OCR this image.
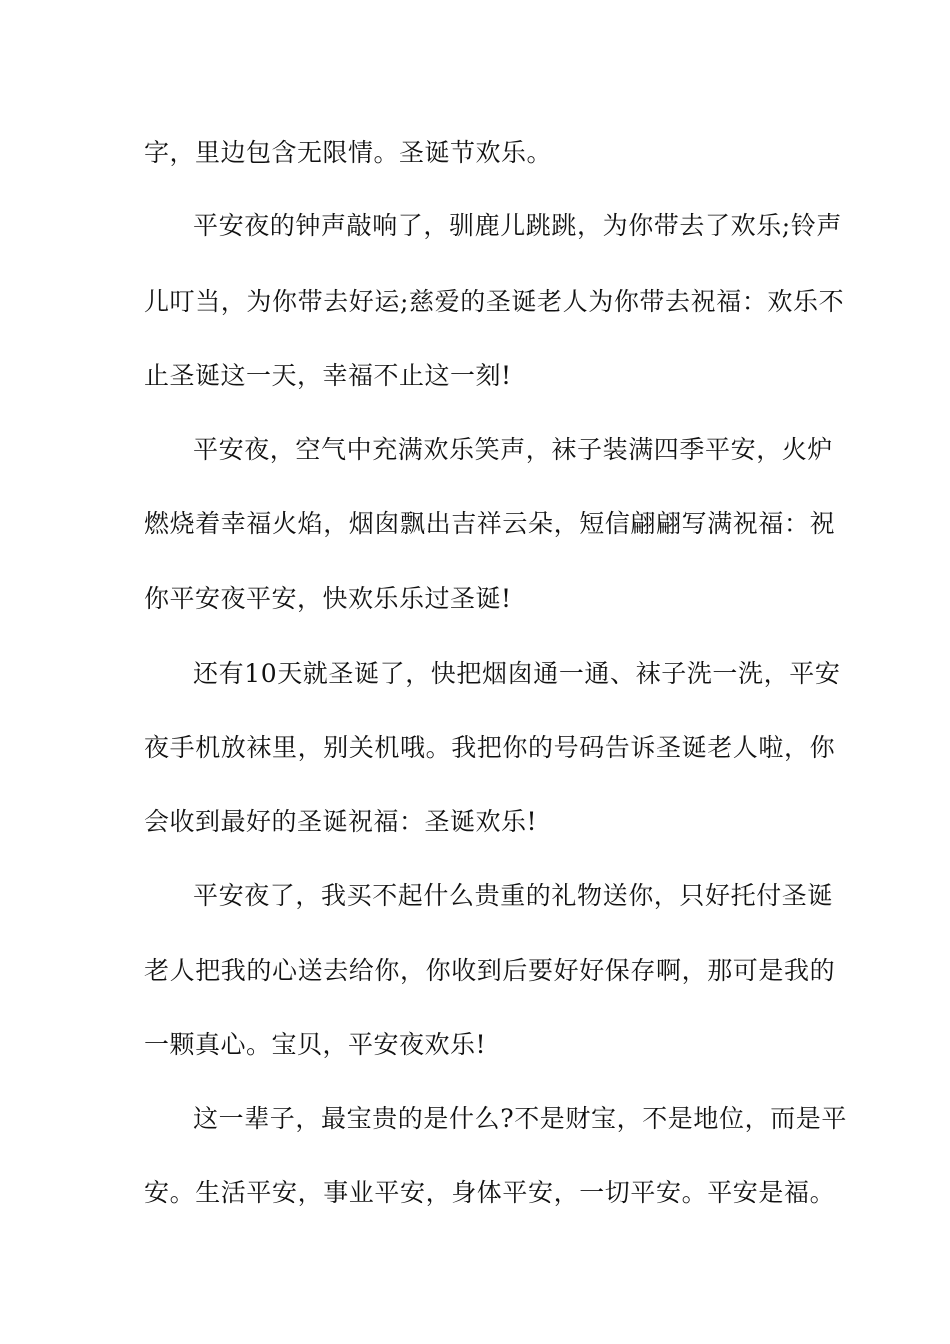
字，里边包含无限情。圣诞节欢乐。
平安夜的钟声敲响了，驯鹿儿跳跳，为你带去了欢乐;铃声
儿叮当，为你带去好运;慈爱的圣诞老人为你带去祝福：欢乐不
止圣诞这一天，幸福不止这一刻!
平安夜，空气中充满欢乐笑声，袜子装满四季平安，火炉
燃烧着幸福火焰，烟囱飘出吉祥云朵，短信翩翩写满祝福：祝
你平安夜平安，快欢乐乐过圣诞!
还有10天就圣诞了，快把烟囱通一通、袜子洗一洗，平安
夜手机放袜里，别关机哦。我把你的号码告诉圣诞老人啦，你
会收到最好的圣诞祝福：圣诞欢乐!
平安夜了，我买不起什么贵重的礼物送你，只好托付圣诞
老人把我的心送去给你，你收到后要好好保存啊，那可是我的
一颗真心。宝贝，平安夜欢乐!
这一辈子，最宝贵的是什么?不是财宝，不是地位，而是平
安。生活平安，事业平安，身体平安，一切平安。平安是福。
